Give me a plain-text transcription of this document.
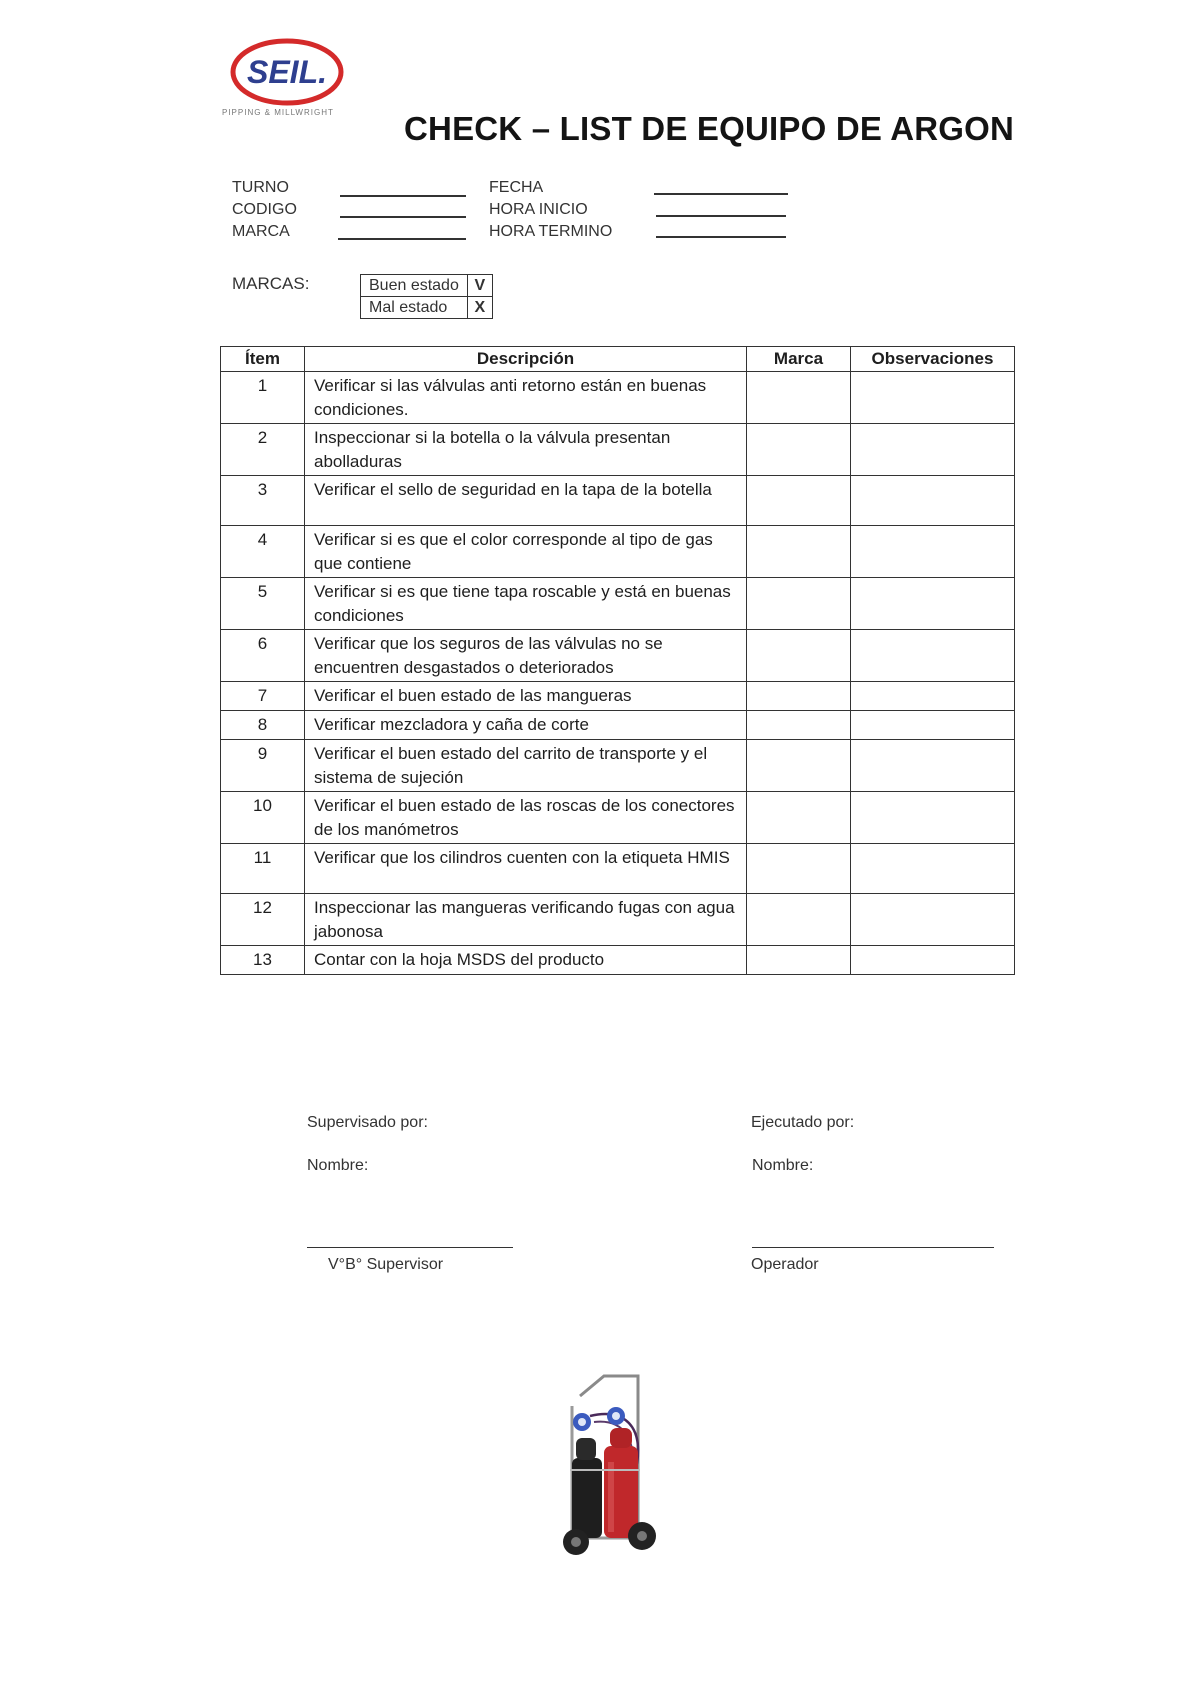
SEIL.
PIPPING & MILLWRIGHT CHECK – LIST DE EQUIPO DE ARGON
TURNO
CODIGO
MARCA
FECHA
HORA INICIO
HORA TERMINO
MARCAS:	Buen estado	V
Mal estado	X
Ítem	Descripción	Marca	Observaciones
1	Verificar si las válvulas anti retorno están en buenas condiciones.		
2	Inspeccionar si la botella o la válvula presentan abolladuras		
3	Verificar el sello de seguridad en la tapa de la botella		
4	Verificar si es que el color corresponde al tipo de gas que contiene		
5	Verificar si es que tiene tapa roscable y está en buenas condiciones		
6	Verificar que los seguros de las válvulas no se encuentren desgastados o deteriorados		
7	Verificar el buen estado de las mangueras		
8	Verificar mezcladora y caña de corte		
9	Verificar el buen estado del carrito de transporte y el sistema de sujeción		
10	Verificar el buen estado de las roscas de los conectores de los manómetros		
11	Verificar que los cilindros cuenten con la etiqueta HMIS		
12	Inspeccionar las mangueras verificando fugas con agua jabonosa		
13	Contar con la hoja MSDS del producto		
Supervisado por:	Ejecutado por:
Nombre:	Nombre:
V°B° Supervisor	Operador
